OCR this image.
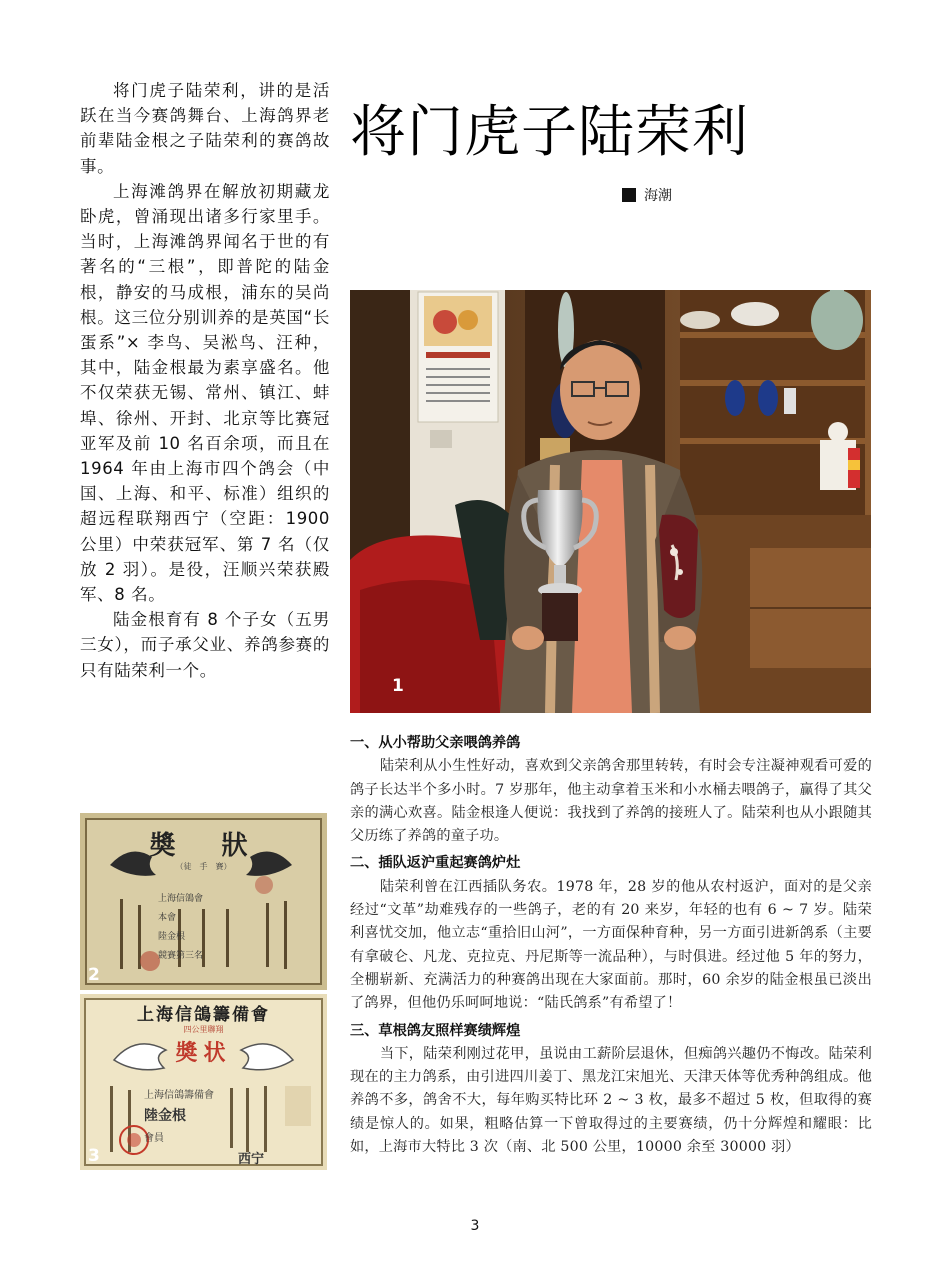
将门虎子陆荣利，讲的是活跃在当今赛鸽舞台、上海鸽界老前辈陆金根之子陆荣利的赛鸽故事。

上海滩鸽界在解放初期藏龙卧虎，曾涌现出诸多行家里手。当时，上海滩鸽界闻名于世的有著名的“三根”，即普陀的陆金根，静安的马成根，浦东的吴尚根。这三位分别训养的是英国“长蛋系”× 李鸟、吴淞鸟、汪种，其中，陆金根最为素享盛名。他不仅荣获无锡、常州、镇江、蚌埠、徐州、开封、北京等比赛冠亚军及前 10 名百余项，而且在 1964 年由上海市四个鸽会（中国、上海、和平、标准）组织的超远程联翔西宁（空距：1900 公里）中荣获冠军、第 7 名（仅放 2 羽）。是役，汪顺兴荣获殿军、8 名。

陆金根育有 8 个子女（五男三女），而子承父业、养鸽参赛的只有陆荣利一个。

将门虎子陆荣利
海潮
1
奬　狀
（徒　手　賽）
上海信鴿會
本會
陸金根
競賽第三名
2
上海信鴿籌備會
四公里聯翔
奬状
上海信鴿籌備會
陸金根
會員
西宁
3
一、从小帮助父亲喂鸽养鸽

陆荣利从小生性好动，喜欢到父亲鸽舍那里转转，有时会专注凝神观看可爱的鸽子长达半个多小时。7 岁那年，他主动拿着玉米和小水桶去喂鸽子，赢得了其父亲的满心欢喜。陆金根逢人便说：我找到了养鸽的接班人了。陆荣利也从小跟随其父历练了养鸽的童子功。

二、插队返沪重起赛鸽炉灶

陆荣利曾在江西插队务农。1978 年，28 岁的他从农村返沪，面对的是父亲经过“文革”劫难残存的一些鸽子，老的有 20 来岁，年轻的也有 6 ~ 7 岁。陆荣利喜忧交加，他立志“重拾旧山河”，一方面保种育种，另一方面引进新鸽系（主要有拿破仑、凡龙、克拉克、丹尼斯等一流品种），与时俱进。经过他 5 年的努力，全棚崭新、充满活力的种赛鸽出现在大家面前。那时，60 余岁的陆金根虽已淡出了鸽界，但他仍乐呵呵地说：“陆氏鸽系”有希望了！

三、草根鸽友照样赛绩辉煌

当下，陆荣利刚过花甲，虽说由工薪阶层退休，但痴鸽兴趣仍不悔改。陆荣利现在的主力鸽系，由引进四川姜丁、黑龙江宋旭光、天津天体等优秀种鸽组成。他养鸽不多，鸽舍不大，每年购买特比环 2 ~ 3 枚，最多不超过 5 枚，但取得的赛绩是惊人的。如果，粗略估算一下曾取得过的主要赛绩，仍十分辉煌和耀眼：比如，上海市大特比 3 次（南、北 500 公里，10000 余至 30000 羽）

3
